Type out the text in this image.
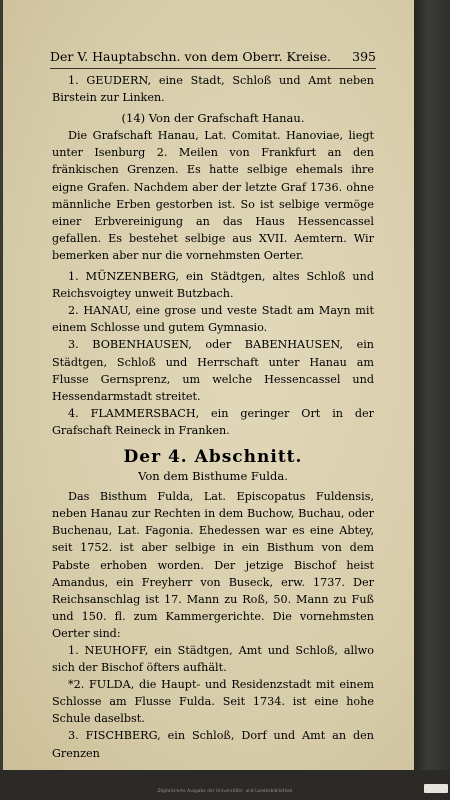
Der V. Hauptabschn. von dem Oberr. Kreise. 395

1. GEUDERN, eine Stadt, Schloß und Amt neben Birstein zur Linken.

(14) Von der Grafschaft Hanau.

Die Grafschaft Hanau, Lat. Comitat. Hanoviae, liegt unter Isenburg 2. Meilen von Frankfurt an den fränkischen Grenzen. Es hatte selbige ehemals ihre eigne Grafen. Nachdem aber der letzte Graf 1736. ohne männliche Erben gestorben ist. So ist selbige vermöge einer Erbvereinigung an das Haus Hessencassel gefallen. Es bestehet selbige aus XVII. Aemtern. Wir bemerken aber nur die vornehmsten Oerter.

1. MÜNZENBERG, ein Städtgen, altes Schloß und Reichsvoigtey unweit Butzbach.

2. HANAU, eine grose und veste Stadt am Mayn mit einem Schlosse und gutem Gymnasio.

3. BOBENHAUSEN, oder BABENHAUSEN, ein Städtgen, Schloß und Herrschaft unter Hanau am Flusse Gernsprenz, um welche Hessencassel und Hessendarmstadt streitet.

4. FLAMMERSBACH, ein geringer Ort in der Grafschaft Reineck in Franken.

Der 4. Abschnitt.

Von dem Bisthume Fulda.

Das Bisthum Fulda, Lat. Episcopatus Fuldensis, neben Hanau zur Rechten in dem Buchow, Buchau, oder Buchenau, Lat. Fagonia. Ehedessen war es eine Abtey, seit 1752. ist aber selbige in ein Bisthum von dem Pabste erhoben worden. Der jetzige Bischof heist Amandus, ein Freyherr von Buseck, erw. 1737. Der Reichsanschlag ist 17. Mann zu Roß, 50. Mann zu Fuß und 150. fl. zum Kammergerichte. Die vornehmsten Oerter sind:

1. NEUHOFF, ein Städtgen, Amt und Schloß, allwo sich der Bischof öfters aufhält.

*2. FULDA, die Haupt- und Residenzstadt mit einem Schlosse am Flusse Fulda. Seit 1734. ist eine hohe Schule daselbst.

3. FISCHBERG, ein Schloß, Dorf und Amt an den Grenzen

Digitalisierte Ausgabe der Universitäts- und Landesbibliothek
